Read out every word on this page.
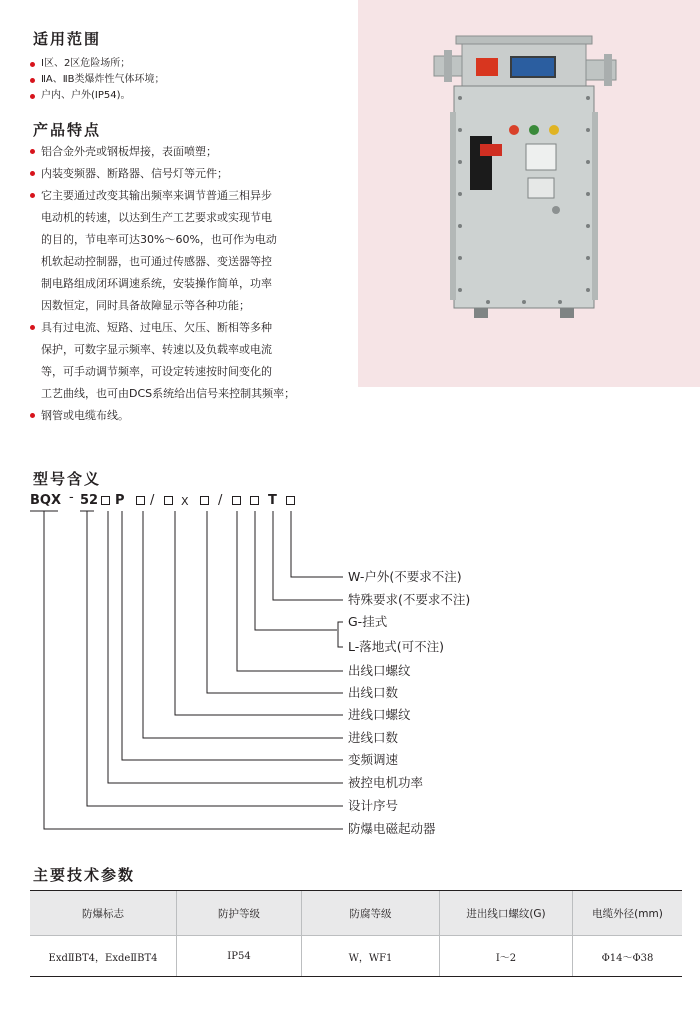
适用范围
Ⅰ区、2区危险场所；
ⅡA、ⅡB类爆炸性气体环境；
户内、户外(IP54)。
产品特点
铝合金外壳或钢板焊接，表面喷塑；
内装变频器、断路器、信号灯等元件；
它主要通过改变其输出频率来调节普通三相异步
电动机的转速，以达到生产工艺要求或实现节电
的目的，节电率可达30%～60%，也可作为电动
机软起动控制器，也可通过传感器、变送器等控
制电路组成闭环调速系统，安装操作简单，功率
因数恒定，同时具备故障显示等各种功能；
具有过电流、短路、过电压、欠压、断相等多种
保护，可数字显示频率、转速以及负载率或电流
等，可手动调节频率，可设定转速按时间变化的
工艺曲线，也可由DCS系统给出信号来控制其频率；
钢管或电缆布线。
型号含义
BQX - 52 P / X /	T
W-户外(不要求不注)
特殊要求(不要求不注)
G-挂式
L-落地式(可不注)
出线口螺纹
出线口数
进线口螺纹
进线口数
变频调速
被控电机功率
设计序号
防爆电磁起动器
主要技术参数
防爆标志	防护等级	防腐等级	进出线口螺纹(G)	电缆外径(mm)
ExdⅡBT4，ExdeⅡBT4	IP54	W，WF1	Ⅰ～2	Φ14～Φ38
